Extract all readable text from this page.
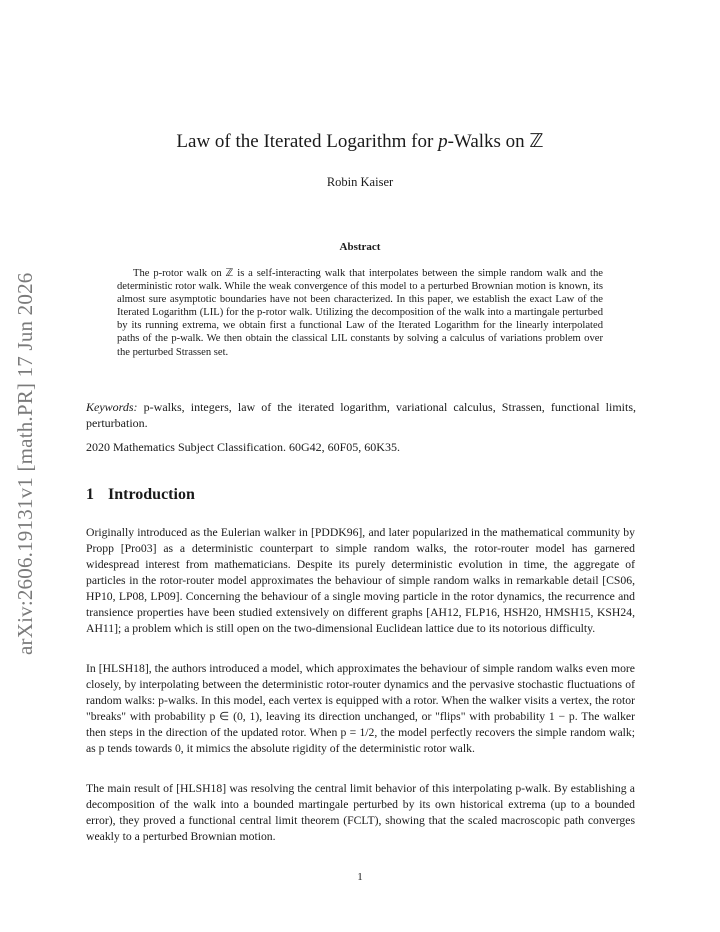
arXiv:2606.19131v1 [math.PR] 17 Jun 2026
Law of the Iterated Logarithm for p-Walks on ℤ
Robin Kaiser
Abstract

The p-rotor walk on ℤ is a self-interacting walk that interpolates between the simple random walk and the deterministic rotor walk. While the weak convergence of this model to a perturbed Brownian motion is known, its almost sure asymptotic boundaries have not been characterized. In this paper, we establish the exact Law of the Iterated Logarithm (LIL) for the p-rotor walk. Utilizing the decomposition of the walk into a martingale perturbed by its running extrema, we obtain first a functional Law of the Iterated Logarithm for the linearly interpolated paths of the p-walk. We then obtain the classical LIL constants by solving a calculus of variations problem over the perturbed Strassen set.

Keywords: p-walks, integers, law of the iterated logarithm, variational calculus, Strassen, functional limits, perturbation.

2020 Mathematics Subject Classification. 60G42, 60F05, 60K35.

1 Introduction

Originally introduced as the Eulerian walker in [PDDK96], and later popularized in the mathematical community by Propp [Pro03] as a deterministic counterpart to simple random walks, the rotor-router model has garnered widespread interest from mathematicians. Despite its purely deterministic evolution in time, the aggregate of particles in the rotor-router model approximates the behaviour of simple random walks in remarkable detail [CS06, HP10, LP08, LP09]. Concerning the behaviour of a single moving particle in the rotor dynamics, the recurrence and transience properties have been studied extensively on different graphs [AH12, FLP16, HSH20, HMSH15, KSH24, AH11]; a problem which is still open on the two-dimensional Euclidean lattice due to its notorious difficulty.

In [HLSH18], the authors introduced a model, which approximates the behaviour of simple random walks even more closely, by interpolating between the deterministic rotor-router dynamics and the pervasive stochastic fluctuations of random walks: p-walks. In this model, each vertex is equipped with a rotor. When the walker visits a vertex, the rotor "breaks" with probability p ∈ (0, 1), leaving its direction unchanged, or "flips" with probability 1 − p. The walker then steps in the direction of the updated rotor. When p = 1/2, the model perfectly recovers the simple random walk; as p tends towards 0, it mimics the absolute rigidity of the deterministic rotor walk.

The main result of [HLSH18] was resolving the central limit behavior of this interpolating p-walk. By establishing a decomposition of the walk into a bounded martingale perturbed by its own historical extrema (up to a bounded error), they proved a functional central limit theorem (FCLT), showing that the scaled macroscopic path converges weakly to a perturbed Brownian motion.

1
